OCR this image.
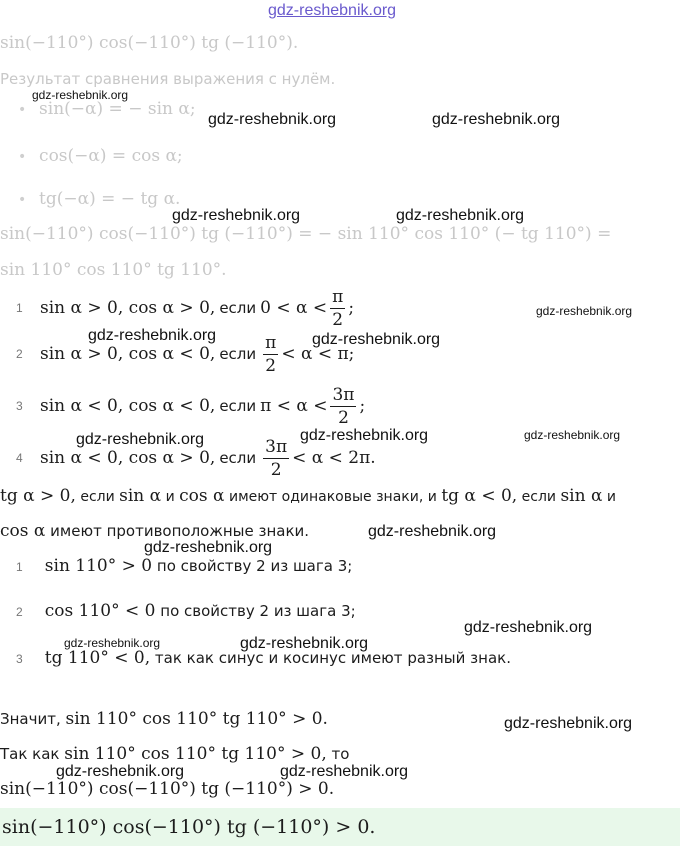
gdz-reshebnik.org
sin(−110°) cos(−110°) tg (−110°).
Результат сравнения выражения с нулём.
• sin(−α) = − sin α;
• cos(−α) = cos α;
• tg(−α) = − tg α.
sin(−110°) cos(−110°) tg (−110°) = − sin 110° cos 110° (− tg 110°) =
sin 110° cos 110° tg 110°.
1	sin α > 0, cos α > 0, если $0 < \alpha < \frac{\pi}{2}$ ;
2	sin α > 0, cos α < 0, если $\frac{\pi}{2} < \alpha < \pi$;
3	sin α < 0, cos α < 0, если $\pi < \alpha < \frac{3\pi}{2}$ ;
4	sin α < 0, cos α > 0, если $\frac{3\pi}{2} < \alpha < 2\pi$.
tg α > 0, если sin α и cos α имеют одинаковые знаки, и tg α < 0, если sin α и
cos α имеют противоположные знаки.
1 sin 110° > 0 по свойству 2 из шага 3;
2 cos 110° < 0 по свойству 2 из шага 3;
3 tg 110° < 0, так как синус и косинус имеют разный знак.
Значит, sin 110° cos 110° tg 110° > 0.
Так как sin 110° cos 110° tg 110° > 0, то
sin(−110°) cos(−110°) tg (−110°) > 0.
sin(−110°) cos(−110°) tg (−110°) > 0.
gdz-reshebnik.org
gdz-reshebnik.org	gdz-reshebnik.org
gdz-reshebnik.org	gdz-reshebnik.org
gdz-reshebnik.org
gdz-reshebnik.org	gdz-reshebnik.org
gdz-reshebnik.org	gdz-reshebnik.org	gdz-reshebnik.org
gdz-reshebnik.org
gdz-reshebnik.org
gdz-reshebnik.org
gdz-reshebnik.org	gdz-reshebnik.org
gdz-reshebnik.org
gdz-reshebnik.org	gdz-reshebnik.org
